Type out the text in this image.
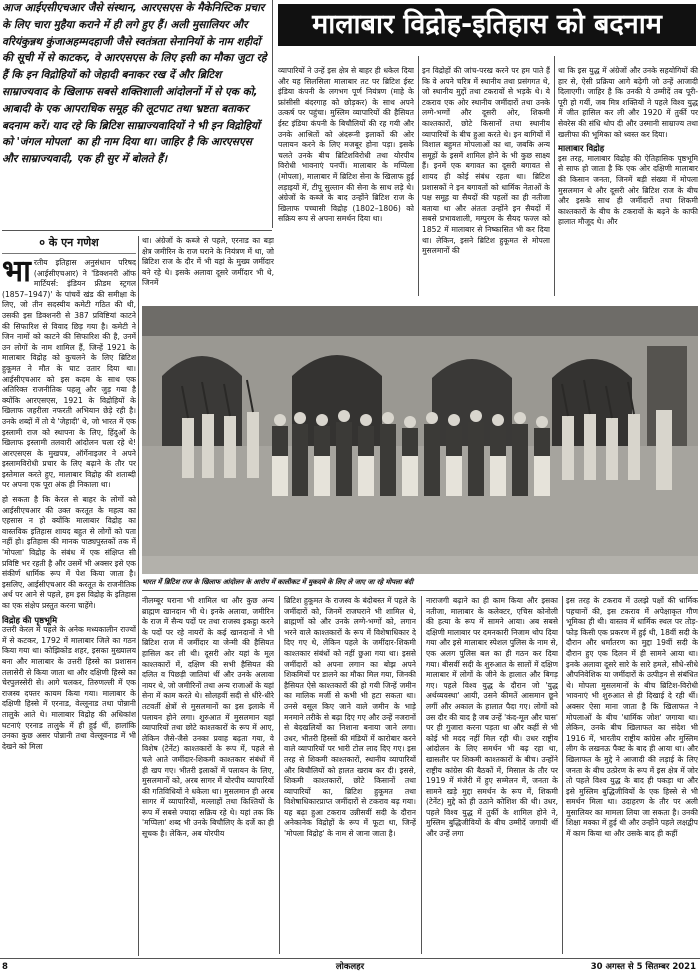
आज आईएसीएचआर जैसे संस्थान, आरएसएस के मैकेनिस्टिक प्रचार के लिए चारा मुहैया कराने में ही लगे हुए हैं। अली मुसालियर और वरियंकुन्नथ कुंजाअहम्मदहाजी जैसे स्वतंत्रता सेनानियों के नाम शहीदों की सूची में से काटकर, वे आरएसएस के लिए इसी का मौका जुटा रहे हैं कि इन विद्रोहियों को जेहादी बनाकर रख दें और ब्रिटिश साम्राज्यवाद के खिलाफ सबसे शक्तिशाली आंदोलनों में से एक को, आबादी के एक आपराधिक समूह की लूटपाट तथा भ्रष्टता बताकर बदनाम करें। याद रहे कि ब्रिटिश साम्राज्यवादियों ने भी इन विद्रोहियों को 'जंगल मोपला' का ही नाम दिया था। जाहिर है कि आरएसएस और साम्राज्यवादी, एक ही सुर में बोलते हैं।
मालाबार विद्रोह-इतिहास को बदनाम
व्यापारियों ने उन्हें इस क्षेत्र से बाहर ही धकेल दिया और यह सिलसिला मालाबार तट पर ब्रिटिश ईस्ट इंडिया कंपनी के लगभग पूर्ण नियंत्रण (माहे के फ्रांसीसी बंदरगाह को छोड़कर) के साथ अपने उत्कर्ष पर पहुंचा। मुस्लिम व्यापारियों की हैसियत ईस्ट इंडिया कंपनी के बिचौलियों की रह गयी और उनके आश्रितों को अंदरूनी इलाकों की ओर पलायन करने के लिए मजबूर होना पड़ा। इसके चलते उनके बीच ब्रिटिशविरोधी तथा योरपीय विरोधी भावनाएं पनपीं। मालाबार के मप्पिला (मोपला), मालाबार में ब्रिटिश सेना के खिलाफ हुई लड़ाइयों में, टीपू सुल्तान की सेना के साथ लड़े थे। अंग्रेजों के कब्जे के बाद उन्होंने ब्रिटिश राज के खिलाफ पच्चासी विद्रोह (1802–1806) को सक्रिय रूप से अपना समर्थन दिया था।
इन विद्रोहों की जांच-परख करने पर हम पाते हैं कि वे अपने चरित्र में स्थानीय तथा प्रसंगगत थे, जो स्थानीय मुद्दों तथा टकरावों से भड़के थे। ये टकराव एक ओर स्थानीय जमींदारों तथा उनके लग्गे-भग्गों और दूसरी ओर, शिकमी काश्तकारों, छोटे किसानों तथा स्थानीय व्यापारियों के बीच हुआ करते थे। इन बागियों में विशाल बहुमत मोपलाओं का था, जबकि अन्य समूहों के इसमें शामिल होने के भी कुछ साक्ष्य हैं। इनमें एक बगावत का दूसरी बगावत से शायद ही कोई संबंध रहता था। ब्रिटिश प्रशासकों ने इन बगावतों को धार्मिक नेताओं के पक्ष समूह या सैयदों की पहलों का ही नतीजा बताया था और अंततः उन्होंने इन सैयदों में सबसे प्रभावशाली, मम्पुरम के सैयद फज्ल को 1852 में मालाबार से निष्कासित भी कर दिया था। लेकिन, इसने ब्रिटिश हुकूमत से मोपला मुसलमानों की
था कि इस युद्ध में अंग्रेजों और उनके सहयोगियों की हार से, ऐसी प्रक्रिया आगे बढ़ेगी जो उन्हें आजादी दिलाएगी। जाहिर है कि उनकी ये उम्मीदें तब पूरी-पूरी हो गयीं, जब मित्र शक्तियों ने पहले विश्व युद्ध में जीत हासिल कर ली और 1920 में तुर्की पर सेवरेस की संधि थोप दी और उस्मानी साम्राज्य तथा खलीफा की भूमिका को ध्वस्त कर दिया।
मालाबार विद्रोह
इस तरह, मालाबार विद्रोह की ऐतिहासिक पृष्ठभूमि से साफ हो जाता है कि एक ओर दक्षिणी मालाबार की किसान जनता, जिनमें बड़ी संख्या में मोपला मुसलमान थे और दूसरी ओर ब्रिटिश राज के बीच और इसके साथ ही जमींदारों तथा शिकमी काश्तकारों के बीच के टकरावों के बढ़ने के काफी हालात मौजूद थे। और
था। अंग्रेजों के कब्जे से पहले, एरनाड का बड़ा क्षेत्र जमीरिन के राज घराने के नियंत्रण में था, जो ब्रिटिश राज के दौर में भी यहां के मुख्य जमींदार बने रहे थे। इसके अलावा दूसरे जमींदार भी थे, जिनमें
० के एन गणेश
भा रतीय इतिहास अनुसंधान परिषद (आईसीएचआर) ने 'डिक्शनरी ऑफ मार्टियर्स: इंडियन फ्रीडम स्ट्रगल (1857–1947)' के पांचवें खंड की समीक्षा के लिए, जो तीन सदस्यीय कमेटी गठित की थी, उसकी इस डिक्शनरी से 387 प्रविष्टियां काटने की सिफारिश से विवाद छिड़ गया है। कमेटी ने जिन नामों को काटने की सिफारिश की है, उनमें उन लोगों के नाम शामिल हैं, जिन्हें 1921 के मालाबार विद्रोह को कुचलने के लिए ब्रिटिश हुकूमत ने मौत के घाट उतार दिया था। आईसीएचआर को इस कदम के साथ एक अतिरिक्त राजनीतिक पहलू और जुड़ गया है क्योंकि आरएसएस, 1921 के विद्रोहियों के खिलाफ जहरीला नफरती अभियान छेड़े रही है। उनके शब्दों में तो ये 'जेहादी' थे, जो भारत में एक इस्लामी राज को स्थापना के लिए, हिंदुओं के खिलाफ इस्लामी तलवारी आंदोलन चला रहे थे! आरएसएस के मुखपत्र, ऑर्गेनाइजर ने अपने इस्लामविरोधी प्रचार के लिए बढ़ाने के तौर पर इस्तेमाल करते हुए, मालाबार विद्रोह की शताब्दी पर अपना एक पूरा अंक ही निकाला था।
हो सकता है कि केरल से बाहर के लोगों को आईसीएचआर की उक्त करतूत के महत्व का एहसास न हो क्योंकि मालाबार विद्रोह का वास्तविक इतिहास शायद बहुत से लोगों को पता नहीं हो। इतिहास की मानक पाठ्यपुस्तकों तक में 'मोपला' विद्रोह के संबंध में एक संक्षिप्त सी प्रविष्टि भर रहती है और उसमें भी अक्सर इसे एक संकीर्ण धार्मिक रूप में पेश किया जाता है। इसलिए, आईसीएचआर की करतूत के राजनीतिक अर्थ पर आने से पहले, हम इस विद्रोह के इतिहास का एक संक्षेप प्रस्तुत करना चाहेंगे।
विद्रोह की पृष्ठभूमि
उत्तरी केरल में पहले के अनेक मध्यकालीन राज्यों में से कटकर, 1792 में मालाबार जिले का गठन किया गया था। कोझिकोड शहर, इसका मुख्यालय बना और मालाबार के उत्तरी हिस्से का प्रशासन तलासेरी से किया जाता था और दक्षिणी हिस्से का चेरपुलस्सेरी से। आगे चलकर, तिरुणल्ली में एक राजस्व दफ्तर कायम किया गया। मालाबार के दक्षिणी हिस्से में एरनाड, वेल्लूनाड तथा पोन्नानी तालुके आते थे। मालाबार विद्रोह की अधिकांश घटनाएं एरनाड तालुके में ही हुई थीं, हालांकि उनका कुछ असर पोन्नानी तथा वेल्लूवनाड में भी देखने को मिला
भारत में ब्रिटिश राज के खिलाफ आंदोलन के आरोप में कालीकट में मुकदमे के लिए ले जाए जा रहे मोपला बंदी
नीलम्बूर घराना भी शामिल था और कुछ अन्य ब्राह्मण खानदान भी थे। इनके अलावा, जमीरिन के राज में सैन्य पदों पर तथा राजस्व इकट्ठा करने के पदों पर रहे नायरों के कई खानदानों ने भी ब्रिटिश राज में जमींदार या जेन्मी की हैसियत हासिल कर ली थी। दूसरी ओर यहां के मूल काश्तकारों में, दक्षिण की सभी हैसियत की दलित व पिछड़ी जातियां थीं और उनके अलावा नायर थे, जो जमीरिनों तथा अन्य राजाओं के यहां सेना में काम करते थे। सोलहवीं सदी से धीरे-धीरे तटवर्ती क्षेत्रों से मुसलमानों का इस इलाके में पलायन होने लगा। शुरुआत में मुसलमान यहां व्यापारियों तथा छोटे काश्तकारों के रूप में आए, लेकिन जैसे-जैसे उनका प्रवाह बढ़ता गया, वे विशेष (टेनेंट) काश्तकारों के रूप में, पहले से चले आते जमींदार-शिकमी काश्तकार संबंधों में ही खप गए। भीतरी इलाकों में पलायन के लिए, मुसलमानों को, अरब सागर में योरपीय व्यापारियों की गतिविधियों ने धकेला था। मुसलमान ही अरब सागर में व्यापारियों, मल्लाहों तथा किश्तियों के रूप में सबसे ज्यादा सक्रिय रहे थे। यहां तक कि 'मप्पिला' शब्द भी उनके बिचौलिए के दर्जे का ही सूचक है। लेकिन, अब योरपीय
ब्रिटिश हुकूमत के राजस्व के बंदोबस्त में पहले के जमींदारों को, जिनमें राजघराने भी शामिल थे, ब्राह्मणों को और उनके लग्गे-भग्गों को, लगान भरने वाले काश्तकारों के रूप में विशेषाधिकार दे दिए गए थे, लेकिन पहले के जमींदार-शिकमी काश्तकार संबंधों को नहीं छुआ गया था। इससे जमींदारों को अपना लगान का बोझ अपने शिकमियों पर डालने का मौका मिल गया, जिनकी हैसियत ऐसे काश्तकारों की हो गयी जिन्हें जमीन का मालिक मर्जी से कभी भी हटा सकता था। उनसे वसूल किए जाने वाले जमीन के भाड़े मनमाने तरीके से बढ़ा दिए गए और उन्हें नजरानों से बेदखलियों का निशाना बनाया जाने लगा। उधर, भीतरी हिस्सों की मंडियों में कारोबार करने वाले व्यापारियों पर भारी टोल लाद दिए गए। इस तरह से शिकमी काश्तकारों, स्थानीय व्यापारियों और बिचौलियों को हालत खराब कर दी। इससे, शिकमी काश्तकारों, छोटे किसानों तथा व्यापारियों का, ब्रिटिश हुकूमत तथा विशेषाधिकारप्राप्त जमींदारों से टकराव बढ़ गया। यह बढ़ा हुआ टकराव उन्नीसवीं सदी के दौरान अनेकानेक विद्रोहों के रूप में फूटा था, जिन्हें 'मोपला विद्रोह' के नाम से जाना जाता है।
नाराजगी बढ़ाने का ही काम किया और इसका नतीजा, मालाबार के कलेक्टर, एचिस कोनोली की हत्या के रूप में सामने आया। अब सबसे दक्षिणी मालाबार पर दमनकारी निजाम थोप दिया गया और इसे मालाबार स्पेशल पुलिस के नाम से, एक अलग पुलिस बल का ही गठन कर दिया गया। बीसवीं सदी के शुरुआत के सालों में दक्षिण मालाबार में लोगों के जीने के हालात और बिगड़ गए। पहले विश्व युद्ध के दौरान जो 'युद्ध अर्थव्यवस्था' आयी, उसने कीमतें आसमान छूने लगीं और अकाल के हालात पैदा गए। लोगों को उस दौर की याद है जब उन्हें 'कंद-मूल और घास' पर ही गुजारा करना पड़ता था और कहीं से भी कोई भी मदद नहीं मिल रही थी। उधर राष्ट्रीय आंदोलन के लिए समर्थन भी बढ़ रहा था, खासतौर पर शिकमी काश्तकारों के बीच। उन्होंने राष्ट्रीय कांग्रेस की बैठकों में, मिसाल के तौर पर 1919 में मंजेरी में हुए सम्मेलन में, जनता के सामने खड़े मुद्दा समर्थन के रूप में, शिकमी (टेनेंट) मुद्दे को ही उठाने कोशिश की थी। उधर, पहले विश्व युद्ध में तुर्की के शामिल होने ने, मुस्लिम बुद्धिजीवियों के बीच उम्मीदें जगायी थीं और उन्हें लगा
इस तरह के टकराव में उलझे पक्षों की धार्मिक पहचानों की, इस टकराव में अपेक्षाकृत गौण भूमिका ही थी। वास्तव में धार्मिक स्थल पर तोड़-फोड़ किसी एक प्रकरण में हुई थी, 18वीं सदी के दौरान और धर्मांतरण का मुद्दा 19वीं सदी के दौरान हुए एक दिलन में ही सामने आया था। इनके अलावा दूसरे सारे के सारे हमले, सौधे-सीधे औपनिवेशिक या जमींदारों के उत्पीड़न से संबंधित थे। मोपला मुसलमानों के बीच ब्रिटिश-विरोधी भावनाएं भी शुरुआत से ही दिखाई दे रही थीं। अक्सर ऐसा माना जाता है कि खिलाफत ने मोपलाओं के बीच 'धार्मिक जोश' जगाया था। लेकिन, उनके बीच खिलाफत का संदेश भी 1916 में, भारतीय राष्ट्रीय कांग्रेस और मुस्लिम लीग के लखनऊ पैक्ट के बाद ही आया था। और खिलाफत के मुद्दे ने आजादी की लड़ाई के लिए जनता के बीच उत्प्रेरण के रूप में इस क्षेत्र में जोर तो पहले विश्व युद्ध के बाद ही पकड़ा था और इसे मुस्लिम बुद्धिजीवियों के एक हिस्से से भी समर्थन मिला था। उदाहरण के तौर पर अली मुसालियर का मामला लिया जा सकता है। उनकी शिक्षा मक्का में हुई थी और उन्होंने पहले लक्षद्वीप में काम किया था और उसके बाद ही कहीं
8	लोकलहर	30 अगस्त से 5 सितम्बर 2021
